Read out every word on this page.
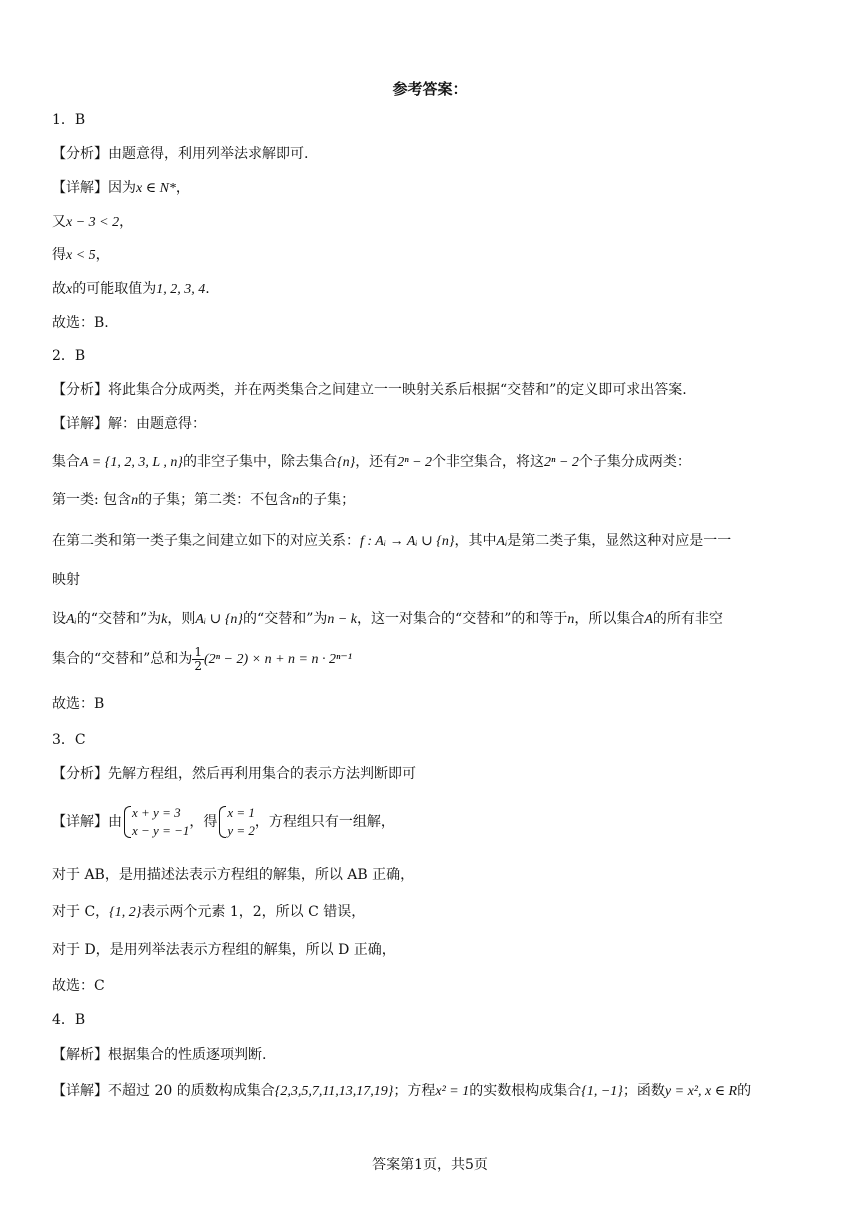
参考答案：
1．B
【分析】由题意得，利用列举法求解即可.
【详解】因为x ∈ N*，
又x − 3 < 2，
得x < 5，
故x的可能取值为1, 2, 3, 4.
故选：B.
2．B
【分析】将此集合分成两类，并在两类集合之间建立一一映射关系后根据“交替和”的定义即可求出答案.
【详解】解：由题意得：
集合A = {1, 2, 3, L , n}的非空子集中，除去集合{n}，还有2ⁿ − 2个非空集合，将这2ⁿ − 2个子集分成两类：
第一类: 包含n的子集；第二类：不包含n的子集；
在第二类和第一类子集之间建立如下的对应关系：f : Aᵢ → Aᵢ ∪ {n}，其中Aᵢ是第二类子集，显然这种对应是一一
映射
设Aᵢ的“交替和”为k，则Aᵢ ∪ {n}的“交替和”为n − k，这一对集合的“交替和”的和等于n，所以集合A的所有非空
集合的“交替和”总和为 $\frac{1}{2} (2^n - 2) \times n + n = n \cdot 2^{n-1}$
故选：B
3．C
【分析】先解方程组，然后再利用集合的表示方法判断即可
【详解】由
x + y = 3
x − y = −1
，得
x = 1
y = 2
，方程组只有一组解，
对于 AB，是用描述法表示方程组的解集，所以 AB 正确，
对于 C，{1, 2}表示两个元素 1，2，所以 C 错误，
对于 D，是用列举法表示方程组的解集，所以 D 正确，
故选：C
4．B
【解析】根据集合的性质逐项判断.
【详解】不超过 20 的质数构成集合{2,3,5,7,11,13,17,19}；方程x² = 1的实数根构成集合{1, −1}；函数y = x², x ∈ R的
答案第1页，共5页
